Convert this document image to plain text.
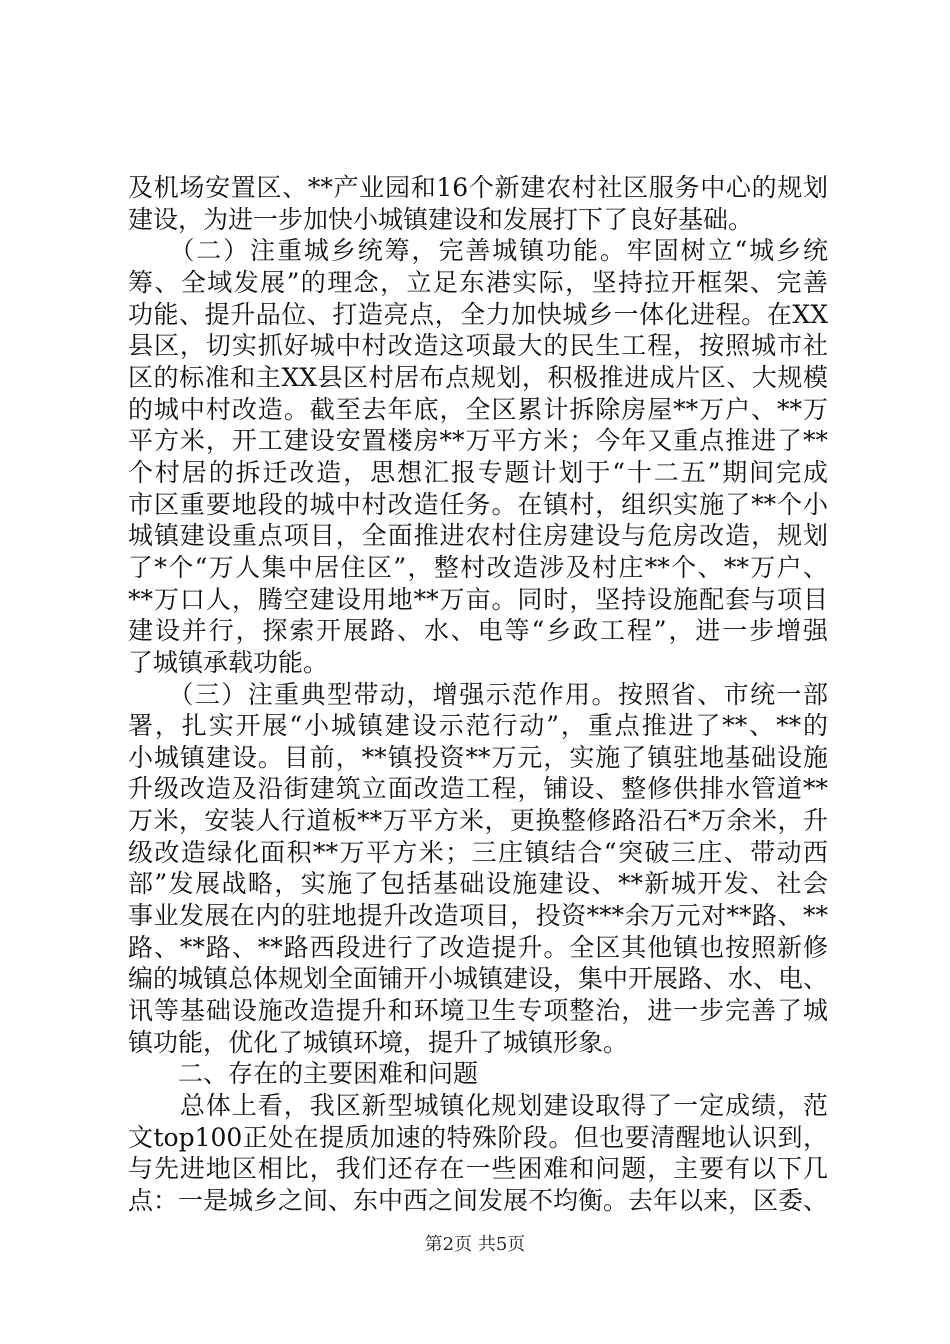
及机场安置区、**产业园和16个新建农村社区服务中心的规划
建设，为进一步加快小城镇建设和发展打下了良好基础。
　　（二）注重城乡统筹，完善城镇功能。牢固树立“城乡统
筹、全域发展”的理念，立足东港实际，坚持拉开框架、完善
功能、提升品位、打造亮点，全力加快城乡一体化进程。在XX
县区，切实抓好城中村改造这项最大的民生工程，按照城市社
区的标准和主XX县区村居布点规划，积极推进成片区、大规模
的城中村改造。截至去年底，全区累计拆除房屋**万户、**万
平方米，开工建设安置楼房**万平方米；今年又重点推进了**
个村居的拆迁改造，思想汇报专题计划于“十二五”期间完成
市区重要地段的城中村改造任务。在镇村，组织实施了**个小
城镇建设重点项目，全面推进农村住房建设与危房改造，规划
了*个“万人集中居住区”，整村改造涉及村庄**个、**万户、
**万口人，腾空建设用地**万亩。同时，坚持设施配套与项目
建设并行，探索开展路、水、电等“乡政工程”，进一步增强
了城镇承载功能。
　　（三）注重典型带动，增强示范作用。按照省、市统一部
署，扎实开展“小城镇建设示范行动”，重点推进了**、**的
小城镇建设。目前，**镇投资**万元，实施了镇驻地基础设施
升级改造及沿街建筑立面改造工程，铺设、整修供排水管道**
万米，安装人行道板**万平方米，更换整修路沿石*万余米，升
级改造绿化面积**万平方米；三庄镇结合“突破三庄、带动西
部”发展战略，实施了包括基础设施建设、**新城开发、社会
事业发展在内的驻地提升改造项目，投资***余万元对**路、**
路、**路、**路西段进行了改造提升。全区其他镇也按照新修
编的城镇总体规划全面铺开小城镇建设，集中开展路、水、电、
讯等基础设施改造提升和环境卫生专项整治，进一步完善了城
镇功能，优化了城镇环境，提升了城镇形象。
　　二、存在的主要困难和问题
　　总体上看，我区新型城镇化规划建设取得了一定成绩，范
文top100正处在提质加速的特殊阶段。但也要清醒地认识到，
与先进地区相比，我们还存在一些困难和问题，主要有以下几
点：一是城乡之间、东中西之间发展不均衡。去年以来，区委、
第2页 共5页
